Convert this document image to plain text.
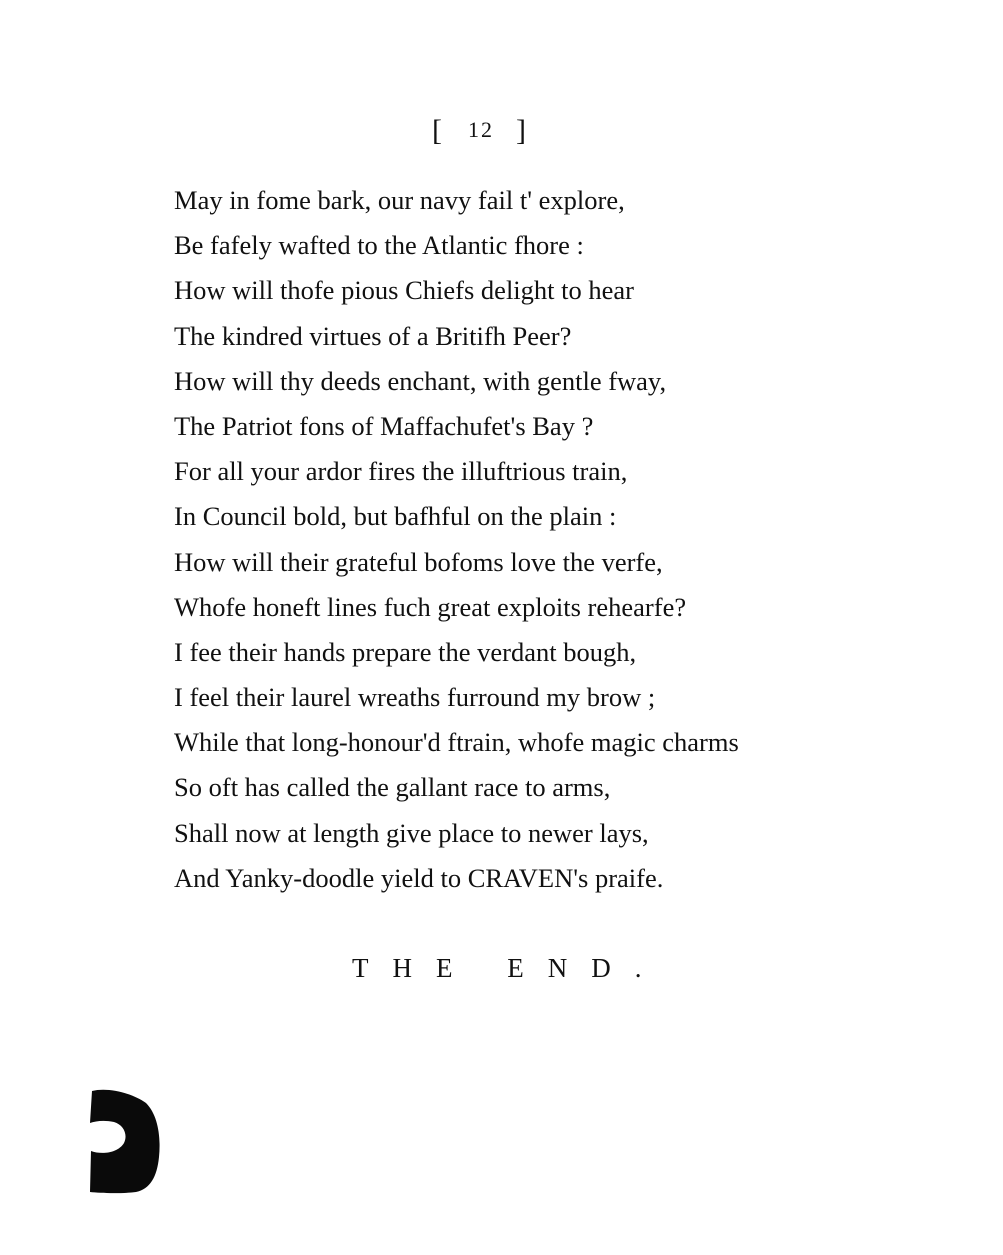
[ 12 ]
May in fome bark, our navy fail t' explore,
Be fafely wafted to the Atlantic fhore :
How will thofe pious Chiefs delight to hear
The kindred virtues of a Britifh Peer?
How will thy deeds enchant, with gentle fway,
The Patriot fons of Maffachufet's Bay ?
For all your ardor fires the illuftrious train,
In Council bold, but bafhful on the plain :
How will their grateful bofoms love the verfe,
Whofe honeft lines fuch great exploits rehearfe?
I fee their hands prepare the verdant bough,
I feel their laurel wreaths furround my brow ;
While that long-honour'd ftrain, whofe magic charms
So oft has called the gallant race to arms,
Shall now at length give place to newer lays,
And Yanky-doodle yield to CRAVEN's praife.
THE END.
